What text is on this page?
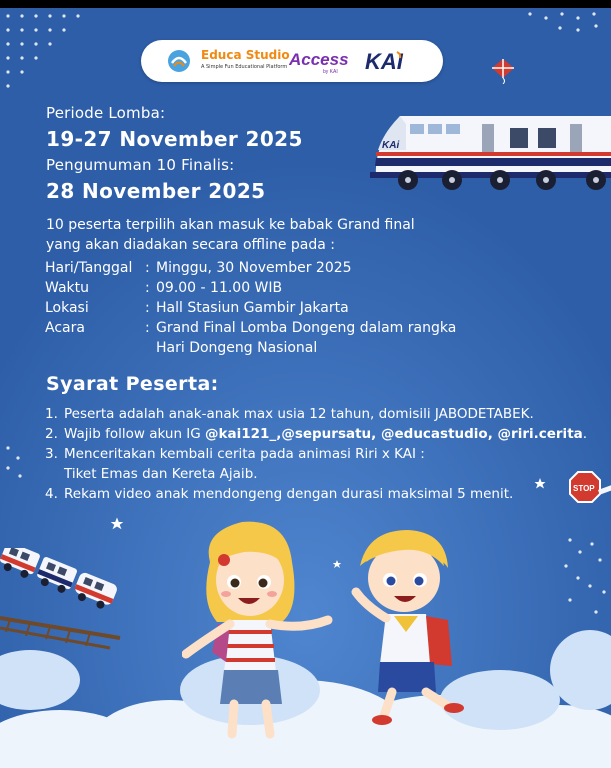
Educa Studio
A Simple Fun Educational Platform Access
by KAI KAI
KAi
Periode Lomba:
19-27 November 2025
Pengumuman 10 Finalis:
28 November 2025
10 peserta terpilih akan masuk ke babak Grand final
yang akan diadakan secara offline pada :
Hari/Tanggal : Minggu, 30 November 2025
Waktu	: 09.00 - 11.00 WIB
Lokasi	: Hall Stasiun Gambir Jakarta
Acara	: Grand Final Lomba Dongeng dalam rangka
Hari Dongeng Nasional
Syarat Peserta:
1. Peserta adalah anak-anak max usia 12 tahun, domisili JABODETABEK.
2. Wajib follow akun IG @kai121_,@sepursatu, @educastudio, @riri.cerita.
3. Menceritakan kembali cerita pada animasi Riri x KAI :
Tiket Emas dan Kereta Ajaib.
4. Rekam video anak mendongeng dengan durasi maksimal 5 menit.	STOP
